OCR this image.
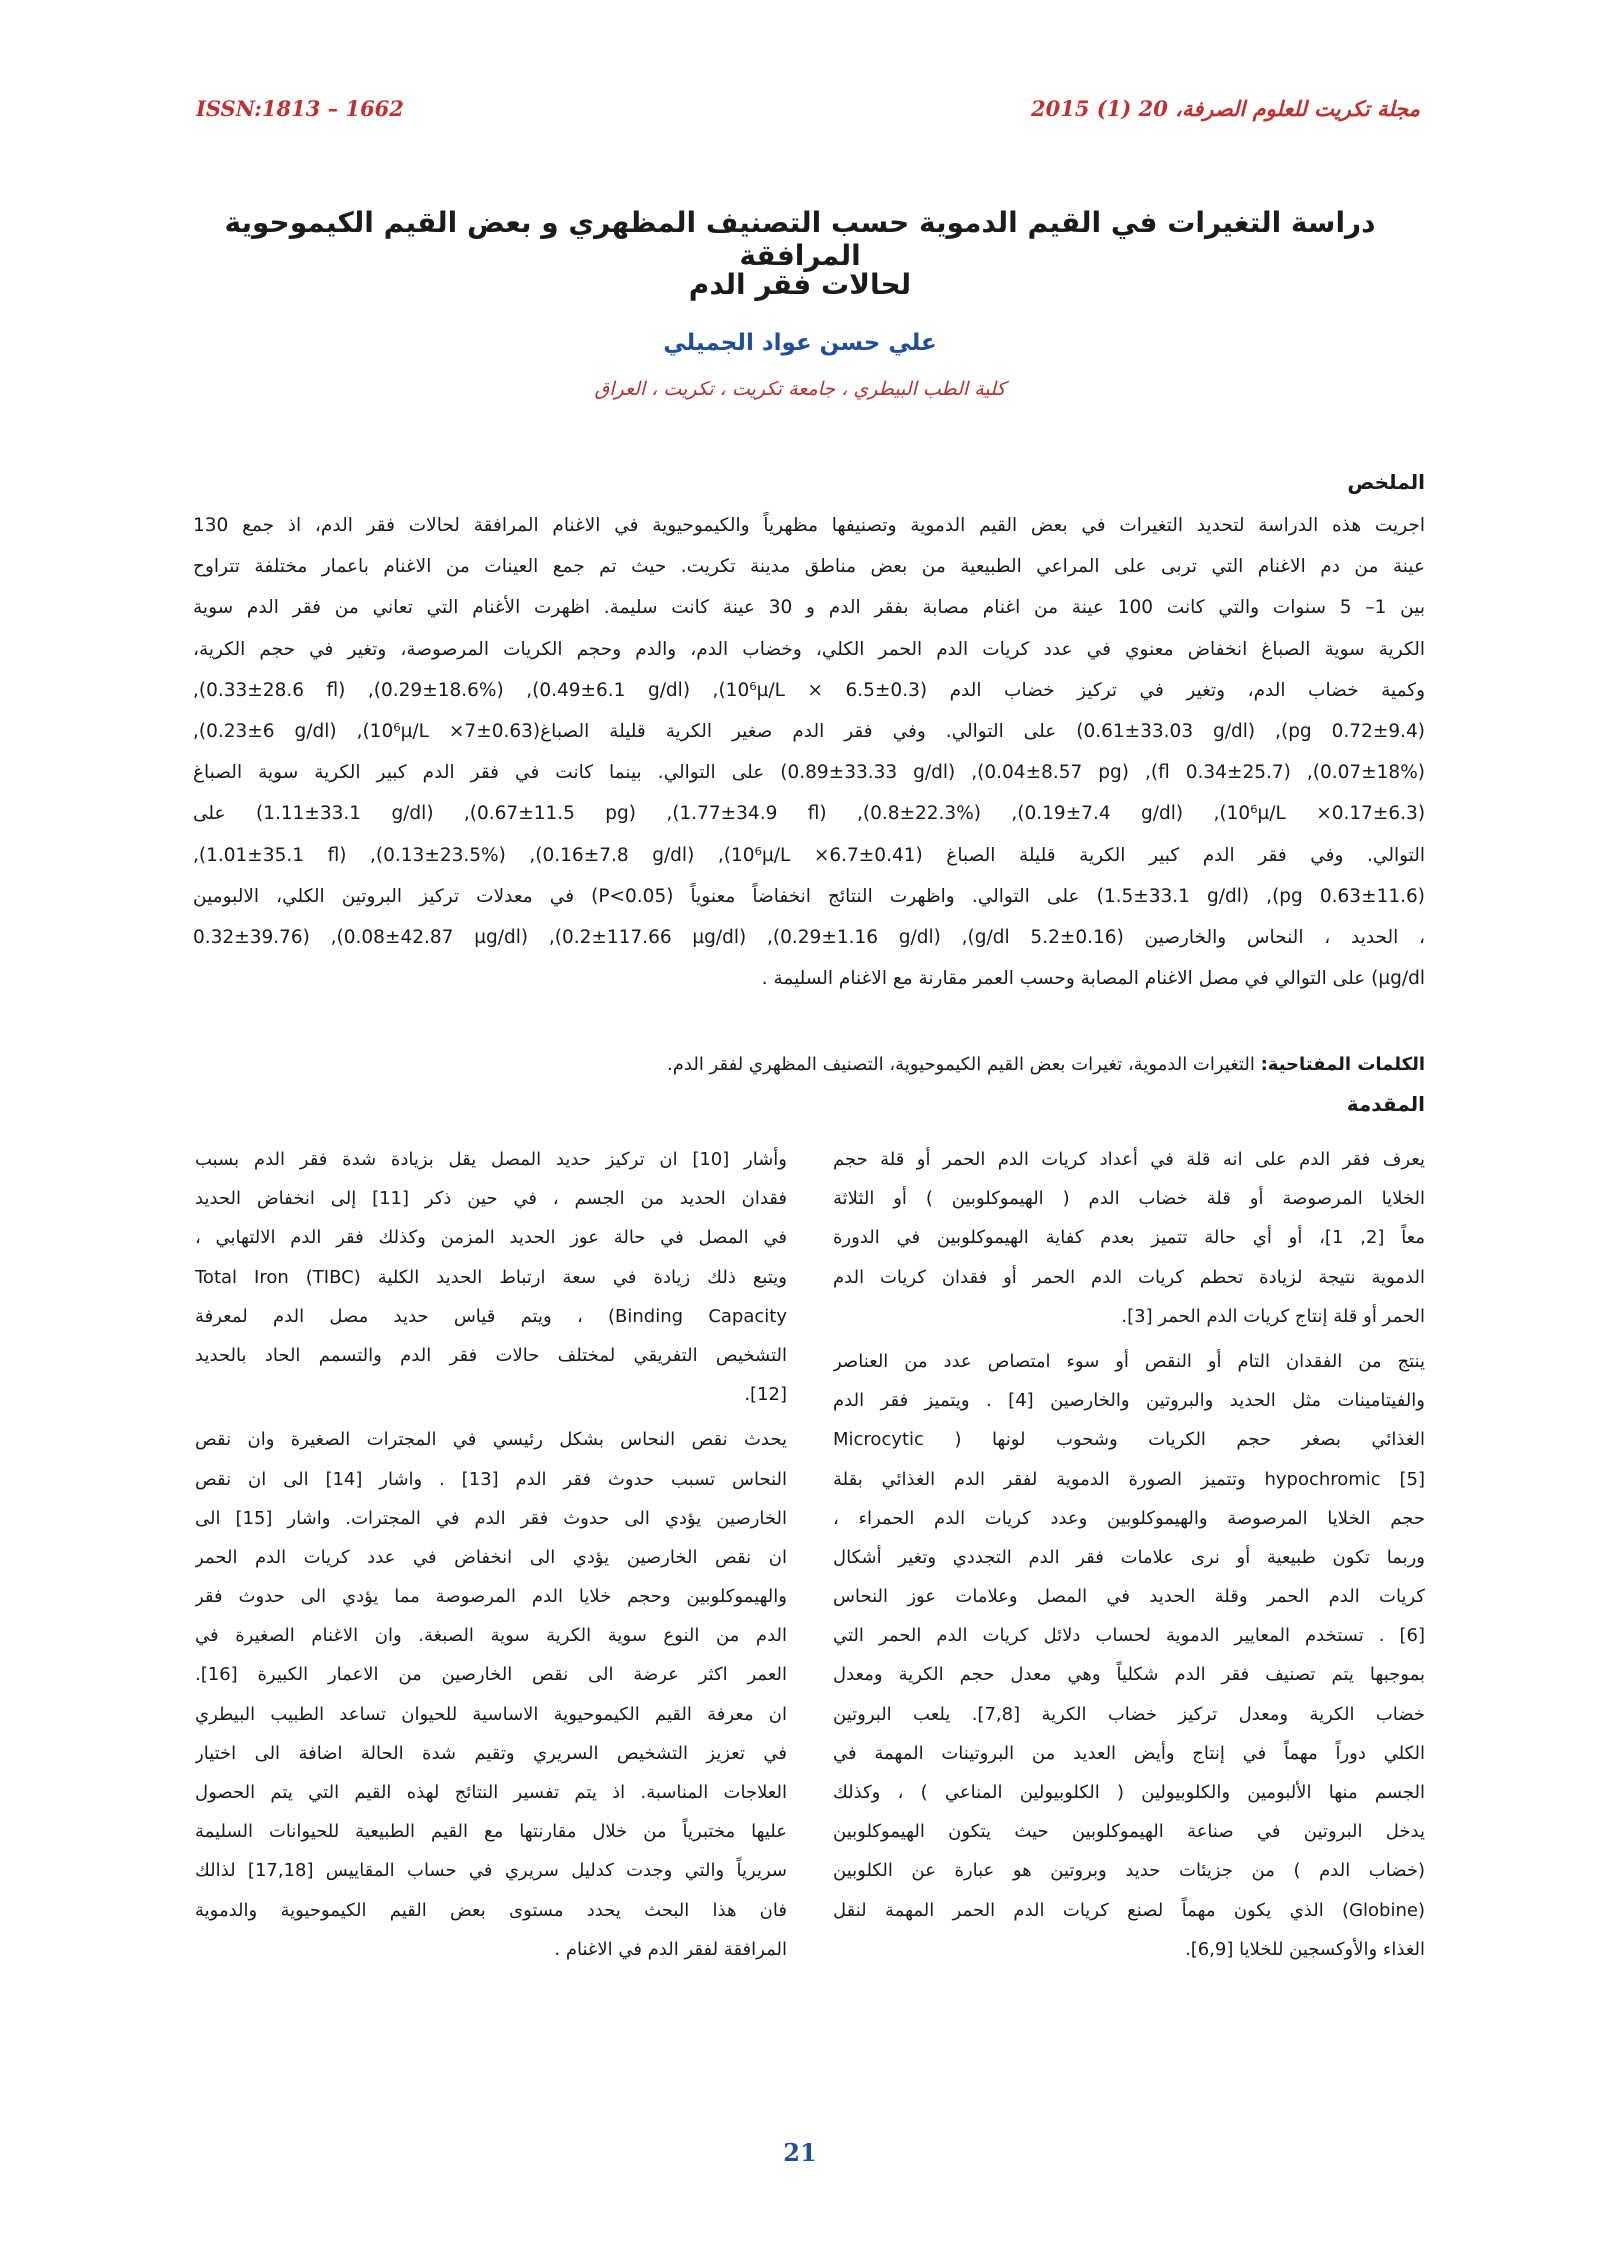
ISSN:1813 – 1662	مجلة تكريت للعلوم الصرفة، 20 (1) 2015
دراسة التغيرات في القيم الدموية حسب التصنيف المظهري و بعض القيم الكيموحوية المرافقة
لحالات فقر الدم
علي حسن عواد الجميلي
كلية الطب البيطري ، جامعة تكريت ، تكريت ، العراق
الملخص
اجريت هذه الدراسة لتحديد التغيرات في بعض القيم الدموية وتصنيفها مظهرياً والكيموحيوية في الاغنام المرافقة لحالات فقر الدم، اذ جمع 130
عينة من دم الاغنام التي تربى على المراعي الطبيعية من بعض مناطق مدينة تكريت. حيث تم جمع العينات من الاغنام باعمار مختلفة تتراوح
بين 1– 5 سنوات والتي كانت 100 عينة من اغنام مصابة بفقر الدم و 30 عينة كانت سليمة. اظهرت الأغنام التي تعاني من فقر الدم سوية
الكرية سوية الصباغ انخفاض معنوي في عدد كريات الدم الحمر الكلي، وخضاب الدم، والدم وحجم الكريات المرصوصة، وتغير في حجم الكرية،
وكمية خضاب الدم، وتغير في تركيز خضاب الدم (0.3±6.5 × 10⁶µ/L), (0.49±6.1 g/dl), (0.29±18.6%), (0.33±28.6 fl),
(0.72±9.4 pg), (0.61±33.03 g/dl) على التوالي. وفي فقر الدم صغير الكرية قليلة الصباغ(0.63±7× 10⁶µ/L), (0.23±6 g/dl),
(0.07±18%), (0.34±25.7 fl), (0.04±8.57 pg), (0.89±33.33 g/dl) على التوالي. بينما كانت في فقر الدم كبير الكرية سوية الصباغ
(0.17±6.3× 10⁶µ/L), (0.19±7.4 g/dl), (0.8±22.3%), (1.77±34.9 fl), (0.67±11.5 pg), (1.11±33.1 g/dl) على
التوالي. وفي فقر الدم كبير الكرية قليلة الصباغ (0.41±6.7× 10⁶µ/L), (0.16±7.8 g/dl), (0.13±23.5%), (1.01±35.1 fl),
(0.63±11.6 pg), (1.5±33.1 g/dl) على التوالي. واظهرت النتائج انخفاضاً معنوياً (P<0.05) في معدلات تركيز البروتين الكلي، الالبومين
، الحديد ، النحاس والخارصين (0.16±5.2 g/dl), (0.29±1.16 g/dl), (0.2±117.66 µg/dl), (0.08±42.87 µg/dl), (0.32±39.76
µg/dl) على التوالي في مصل الاغنام المصابة وحسب العمر مقارنة مع الاغنام السليمة .
الكلمات المفتاحية: التغيرات الدموية، تغيرات بعض القيم الكيموحيوية، التصنيف المظهري لفقر الدم.
المقدمة
يعرف فقر الدم على انه قلة في أعداد كريات الدم الحمر أو قلة حجم
الخلايا المرصوصة أو قلة خضاب الدم ( الهيموكلوبين ) أو الثلاثة
معاً [2, 1]، أو أي حالة تتميز بعدم كفاية الهيموكلوبين في الدورة
الدموية نتيجة لزيادة تحطم كريات الدم الحمر أو فقدان كريات الدم
الحمر أو قلة إنتاج كريات الدم الحمر [3].
ينتج من الفقدان التام أو النقص أو سوء امتصاص عدد من العناصر
والفيتامينات مثل الحديد والبروتين والخارصين [4] . ويتميز فقر الدم
الغذائي بصغر حجم الكريات وشحوب لونها ( Microcytic
hypochromic [5] وتتميز الصورة الدموية لفقر الدم الغذائي بقلة
حجم الخلايا المرصوصة والهيموكلوبين وعدد كريات الدم الحمراء ،
وربما تكون طبيعية أو نرى علامات فقر الدم التجددي وتغير أشكال
كريات الدم الحمر وقلة الحديد في المصل وعلامات عوز النحاس
[6] . تستخدم المعايير الدموية لحساب دلائل كريات الدم الحمر التي
بموجبها يتم تصنيف فقر الدم شكلياً وهي معدل حجم الكرية ومعدل
خضاب الكرية ومعدل تركيز خضاب الكرية [7,8]. يلعب البروتين
الكلي دوراً مهماً في إنتاج وأيض العديد من البروتينات المهمة في
الجسم منها الألبومين والكلوبيولين ( الكلوبيولين المناعي ) ، وكذلك
يدخل البروتين في صناعة الهيموكلوبين حيث يتكون الهيموكلوبين
(خضاب الدم ) من جزيئات حديد وبروتين هو عبارة عن الكلوبين
(Globine) الذي يكون مهماً لصنع كريات الدم الحمر المهمة لنقل
الغذاء والأوكسجين للخلايا [6,9].
وأشار [10] ان تركيز حديد المصل يقل بزيادة شدة فقر الدم بسبب
فقدان الحديد من الجسم ، في حين ذكر [11] إلى انخفاض الحديد
في المصل في حالة عوز الحديد المزمن وكذلك فقر الدم الالتهابي ،
ويتبع ذلك زيادة في سعة ارتباط الحديد الكلية (Total Iron (TIBC
Binding Capacity) ، ويتم قياس حديد مصل الدم لمعرفة
التشخيص التفريقي لمختلف حالات فقر الدم والتسمم الحاد بالحديد
[12].
يحدث نقص النحاس بشكل رئيسي في المجترات الصغيرة وان نقص
النحاس تسبب حدوث فقر الدم [13] . واشار [14] الى ان نقص
الخارصين يؤدي الى حدوث فقر الدم في المجترات. واشار [15] الى
ان نقص الخارصين يؤدي الى انخفاض في عدد كريات الدم الحمر
والهيموكلوبين وحجم خلايا الدم المرصوصة مما يؤدي الى حدوث فقر
الدم من النوع سوية الكرية سوية الصبغة. وان الاغنام الصغيرة في
العمر اكثر عرضة الى نقص الخارصين من الاعمار الكبيرة [16].
ان معرفة القيم الكيموحيوية الاساسية للحيوان تساعد الطبيب البيطري
في تعزيز التشخيص السريري وتقيم شدة الحالة اضافة الى اختيار
العلاجات المناسبة. اذ يتم تفسير النتائج لهذه القيم التي يتم الحصول
عليها مختبرياً من خلال مقارنتها مع القيم الطبيعية للحيوانات السليمة
سريرياً والتي وجدت كدليل سريري في حساب المقاييس [17,18] لذالك
فان هذا البحث يحدد مستوى بعض القيم الكيموحيوية والدموية
المرافقة لفقر الدم في الاغنام .
21
